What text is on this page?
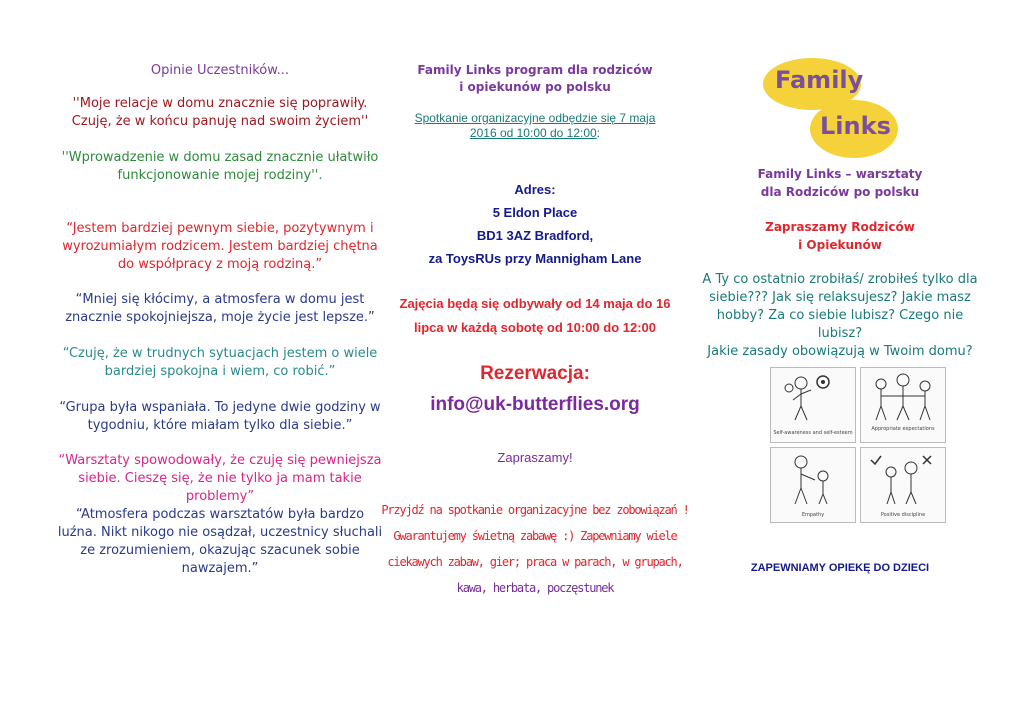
Opinie Uczestników...
''Moje relacje w domu znacznie się poprawiły. Czuję, że w końcu panuję nad swoim życiem''
''Wprowadzenie w domu zasad znacznie ułatwiło funkcjonowanie mojej rodziny''.
“Jestem bardziej pewnym siebie, pozytywnym i wyrozumiałym rodzicem. Jestem bardziej chętna do współpracy z moją rodziną.”
“Mniej się kłócimy, a atmosfera w domu jest znacznie spokojniejsza, moje życie jest lepsze.”
“Czuję, że w trudnych sytuacjach jestem o wiele bardziej spokojna i wiem, co robić.”
“Grupa była wspaniała. To jedyne dwie godziny w tygodniu, które miałam tylko dla siebie.”
“Warsztaty spowodowały, że czuję się pewniejsza siebie. Cieszę się, że nie tylko ja mam takie problemy”
“Atmosfera podczas warsztatów była bardzo luźna. Nikt nikogo nie osądzał, uczestnicy słuchali ze zrozumieniem, okazując szacunek sobie nawzajem.”
Family Links program dla rodziców
i opiekunów po polsku
Spotkanie organizacyjne odbędzie się 7 maja
2016 od 10:00 do 12:00:
Adres:
5 Eldon Place
BD1 3AZ Bradford,
za ToysRUs przy Mannigham Lane
Zajęcia będą się odbywały od 14 maja do 16
lipca w każdą sobotę od 10:00 do 12:00
Rezerwacja:
info@uk-butterflies.org
Zapraszamy!
Przyjdź na spotkanie organizacyjne bez zobowiązań !
Gwarantujemy świetną zabawę :) Zapewniamy wiele
ciekawych zabaw, gier; praca w parach, w grupach,
kawa, herbata, poczęstunek
Family
Links
Family Links – warsztaty
dla Rodziców po polsku
Zapraszamy Rodziców
i Opiekunów
A Ty co ostatnio zrobiłaś/ zrobiłeś tylko dla
siebie??? Jak się relaksujesz? Jakie masz
hobby? Za co siebie lubisz? Czego nie lubisz?
Jakie zasady obowiązują w Twoim domu?
Self-awareness and self-esteem
Appropriate expectations
Empathy	Positive discipline
ZAPEWNIAMY OPIEKĘ DO DZIECI
